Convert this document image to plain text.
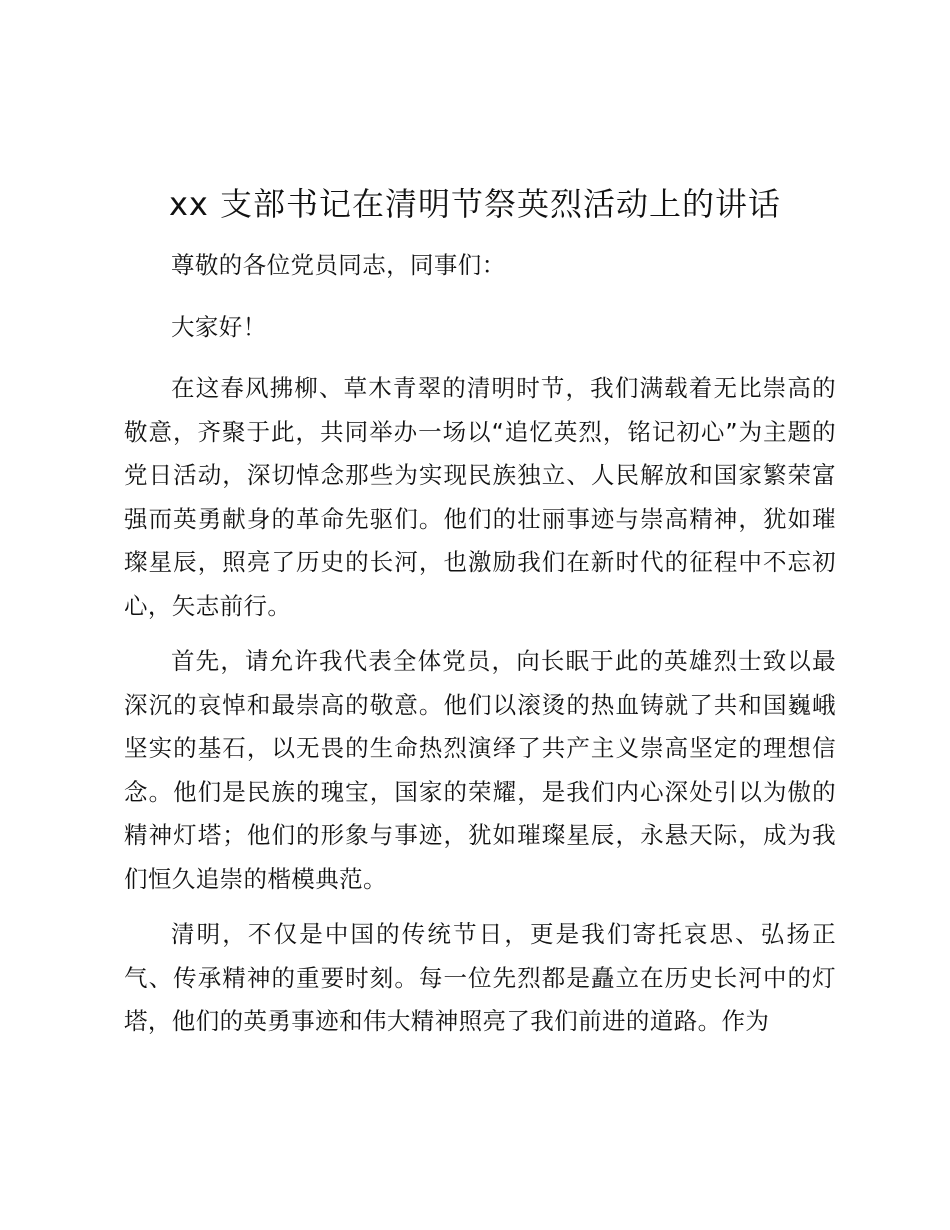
xx 支部书记在清明节祭英烈活动上的讲话

尊敬的各位党员同志，同事们：

大家好！

在这春风拂柳、草木青翠的清明时节，我们满载着无比崇高的敬意，齐聚于此，共同举办一场以“追忆英烈，铭记初心”为主题的党日活动，深切悼念那些为实现民族独立、人民解放和国家繁荣富强而英勇献身的革命先驱们。他们的壮丽事迹与崇高精神，犹如璀璨星辰，照亮了历史的长河，也激励我们在新时代的征程中不忘初心，矢志前行。

首先，请允许我代表全体党员，向长眠于此的英雄烈士致以最深沉的哀悼和最崇高的敬意。他们以滚烫的热血铸就了共和国巍峨坚实的基石，以无畏的生命热烈演绎了共产主义崇高坚定的理想信念。他们是民族的瑰宝，国家的荣耀，是我们内心深处引以为傲的精神灯塔；他们的形象与事迹，犹如璀璨星辰，永悬天际，成为我们恒久追崇的楷模典范。

清明，不仅是中国的传统节日，更是我们寄托哀思、弘扬正气、传承精神的重要时刻。每一位先烈都是矗立在历史长河中的灯塔，他们的英勇事迹和伟大精神照亮了我们前进的道路。作为
